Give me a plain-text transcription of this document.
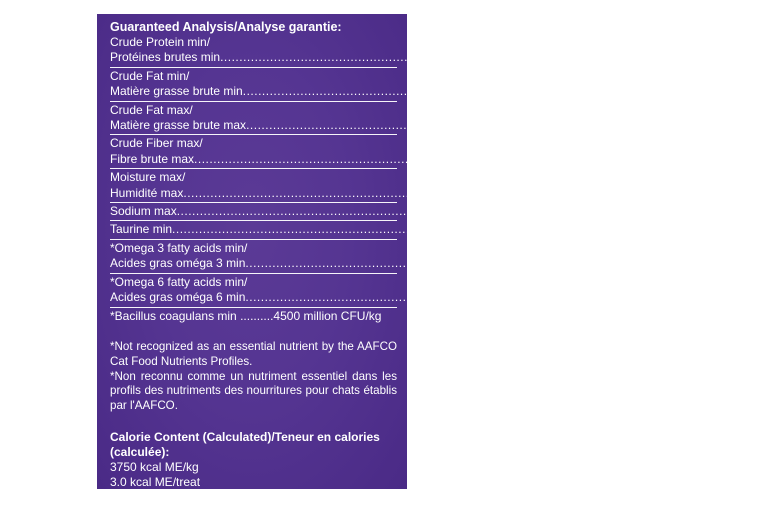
Guaranteed Analysis/Analyse garantie:
Crude Protein min/
Protéines brutes min .....	18.0%
Crude Fat min/
Matière grasse brute min .....	18.0%
Crude Fat max/
Matière grasse brute max .....	25.0%
Crude Fiber max/
Fibre brute max .....	2.00%
Moisture max/
Humidité max .....	18.0%
Sodium max .....	0.60%
Taurine min .....	0.05%
*Omega 3 fatty acids min/
Acides gras oméga 3 min .....	0.18%
*Omega 6 fatty acids min/
Acides gras oméga 6 min .....	0.43%
*Bacillus coagulans min ..........4500 million CFU/kg

*Not recognized as an essential nutrient by the AAFCO Cat Food Nutrients Profiles.

*Non reconnu comme un nutriment essentiel dans les profils des nutriments des nourritures pour chats établis par l'AAFCO.

Calorie Content (Calculated)/Teneur en calories (calculée):
3750 kcal ME/kg
3.0 kcal ME/treat
3,0 kcal ME/gâterie
